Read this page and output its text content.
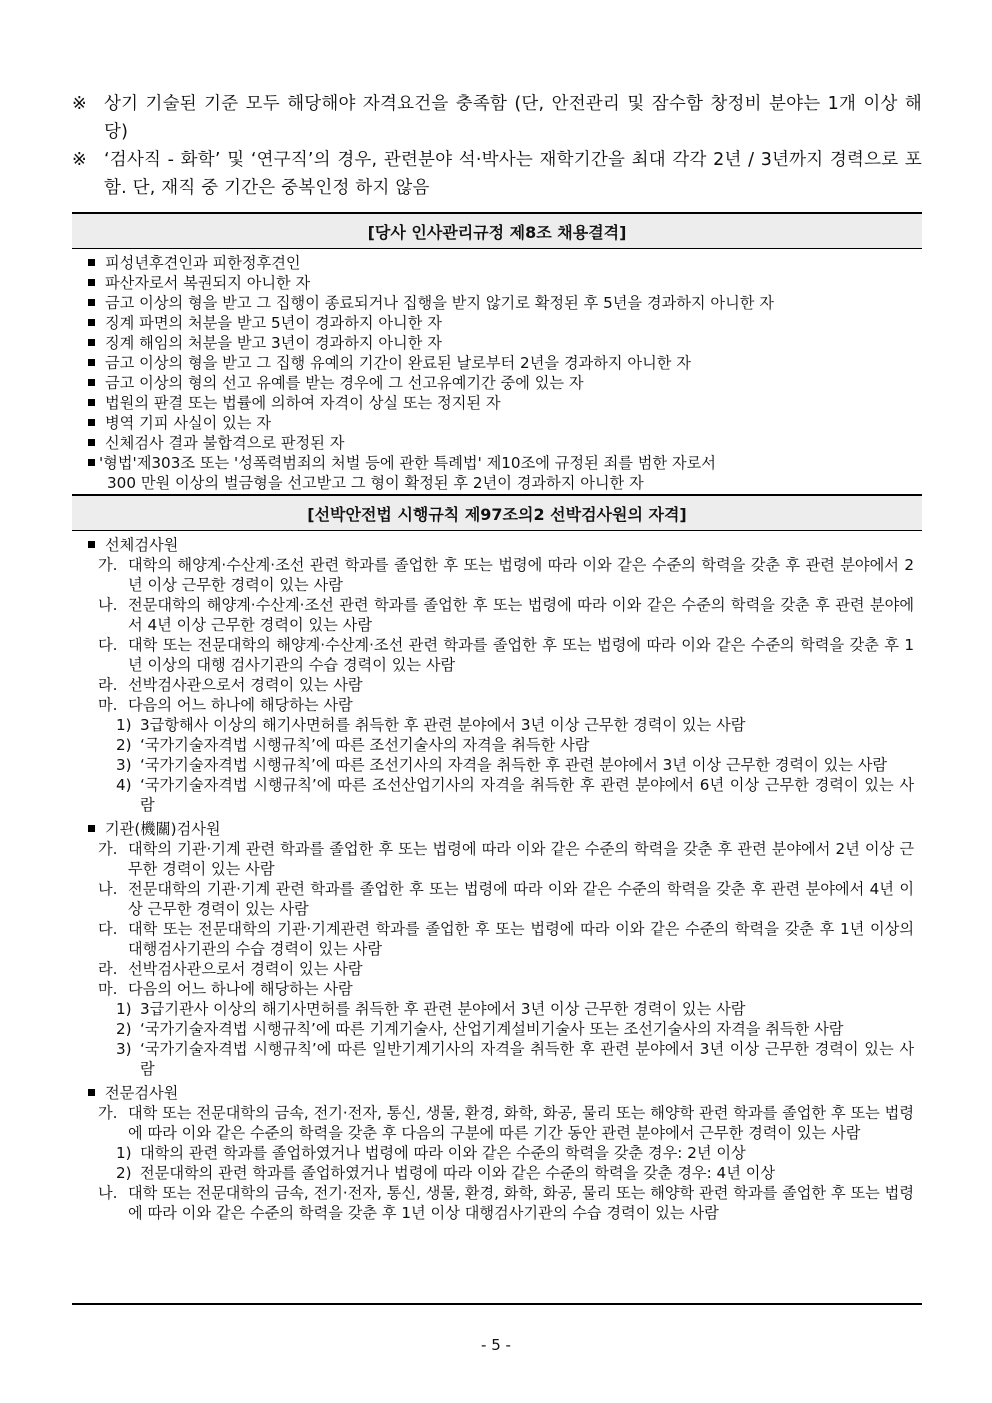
※ 상기 기술된 기준 모두 해당해야 자격요건을 충족함 (단, 안전관리 및 잠수함 창정비 분야는 1개 이상 해당)
※ ‘검사직 - 화학’ 및 ‘연구직’의 경우, 관련분야 석·박사는 재학기간을 최대 각각 2년 / 3년까지 경력으로 포함. 단, 재직 중 기간은 중복인정 하지 않음
[당사 인사관리규정 제8조 채용결격]
피성년후견인과 피한정후견인
파산자로서 복권되지 아니한 자
금고 이상의 형을 받고 그 집행이 종료되거나 집행을 받지 않기로 확정된 후 5년을 경과하지 아니한 자
징계 파면의 처분을 받고 5년이 경과하지 아니한 자
징계 해임의 처분을 받고 3년이 경과하지 아니한 자
금고 이상의 형을 받고 그 집행 유예의 기간이 완료된 날로부터 2년을 경과하지 아니한 자
금고 이상의 형의 선고 유예를 받는 경우에 그 선고유예기간 중에 있는 자
법원의 판결 또는 법률에 의하여 자격이 상실 또는 정지된 자
병역 기피 사실이 있는 자
신체검사 결과 불합격으로 판정된 자
'형법'제303조 또는 '성폭력범죄의 처벌 등에 관한 특례법' 제10조에 규정된 죄를 범한 자로서
300 만원 이상의 벌금형을 선고받고 그 형이 확정된 후 2년이 경과하지 아니한 자
[선박안전법 시행규칙 제97조의2 선박검사원의 자격]
선체검사원
가. 대학의 해양계·수산계·조선 관련 학과를 졸업한 후 또는 법령에 따라 이와 같은 수준의 학력을 갖춘 후 관련 분야에서 2년 이상 근무한 경력이 있는 사람
나. 전문대학의 해양계·수산계·조선 관련 학과를 졸업한 후 또는 법령에 따라 이와 같은 수준의 학력을 갖춘 후 관련 분야에서 4년 이상 근무한 경력이 있는 사람
다. 대학 또는 전문대학의 해양계·수산계·조선 관련 학과를 졸업한 후 또는 법령에 따라 이와 같은 수준의 학력을 갖춘 후 1년 이상의 대행 검사기관의 수습 경력이 있는 사람
라. 선박검사관으로서 경력이 있는 사람
마. 다음의 어느 하나에 해당하는 사람
1) 3급항해사 이상의 해기사면허를 취득한 후 관련 분야에서 3년 이상 근무한 경력이 있는 사람
2) ‘국가기술자격법 시행규칙’에 따른 조선기술사의 자격을 취득한 사람
3) ‘국가기술자격법 시행규칙’에 따른 조선기사의 자격을 취득한 후 관련 분야에서 3년 이상 근무한 경력이 있는 사람
4) ‘국가기술자격법 시행규칙’에 따른 조선산업기사의 자격을 취득한 후 관련 분야에서 6년 이상 근무한 경력이 있는 사람
기관(機關)검사원
가. 대학의 기관·기계 관련 학과를 졸업한 후 또는 법령에 따라 이와 같은 수준의 학력을 갖춘 후 관련 분야에서 2년 이상 근무한 경력이 있는 사람
나. 전문대학의 기관·기계 관련 학과를 졸업한 후 또는 법령에 따라 이와 같은 수준의 학력을 갖춘 후 관련 분야에서 4년 이상 근무한 경력이 있는 사람
다. 대학 또는 전문대학의 기관·기계관련 학과를 졸업한 후 또는 법령에 따라 이와 같은 수준의 학력을 갖춘 후 1년 이상의 대행검사기관의 수습 경력이 있는 사람
라. 선박검사관으로서 경력이 있는 사람
마. 다음의 어느 하나에 해당하는 사람
1) 3급기관사 이상의 해기사면허를 취득한 후 관련 분야에서 3년 이상 근무한 경력이 있는 사람
2) ‘국가기술자격법 시행규칙’에 따른 기계기술사, 산업기계설비기술사 또는 조선기술사의 자격을 취득한 사람
3) ‘국가기술자격법 시행규칙’에 따른 일반기계기사의 자격을 취득한 후 관련 분야에서 3년 이상 근무한 경력이 있는 사람
전문검사원
가. 대학 또는 전문대학의 금속, 전기·전자, 통신, 생물, 환경, 화학, 화공, 물리 또는 해양학 관련 학과를 졸업한 후 또는 법령에 따라 이와 같은 수준의 학력을 갖춘 후 다음의 구분에 따른 기간 동안 관련 분야에서 근무한 경력이 있는 사람
1) 대학의 관련 학과를 졸업하였거나 법령에 따라 이와 같은 수준의 학력을 갖춘 경우: 2년 이상
2) 전문대학의 관련 학과를 졸업하였거나 법령에 따라 이와 같은 수준의 학력을 갖춘 경우: 4년 이상
나. 대학 또는 전문대학의 금속, 전기·전자, 통신, 생물, 환경, 화학, 화공, 물리 또는 해양학 관련 학과를 졸업한 후 또는 법령에 따라 이와 같은 수준의 학력을 갖춘 후 1년 이상 대행검사기관의 수습 경력이 있는 사람
- 5 -
